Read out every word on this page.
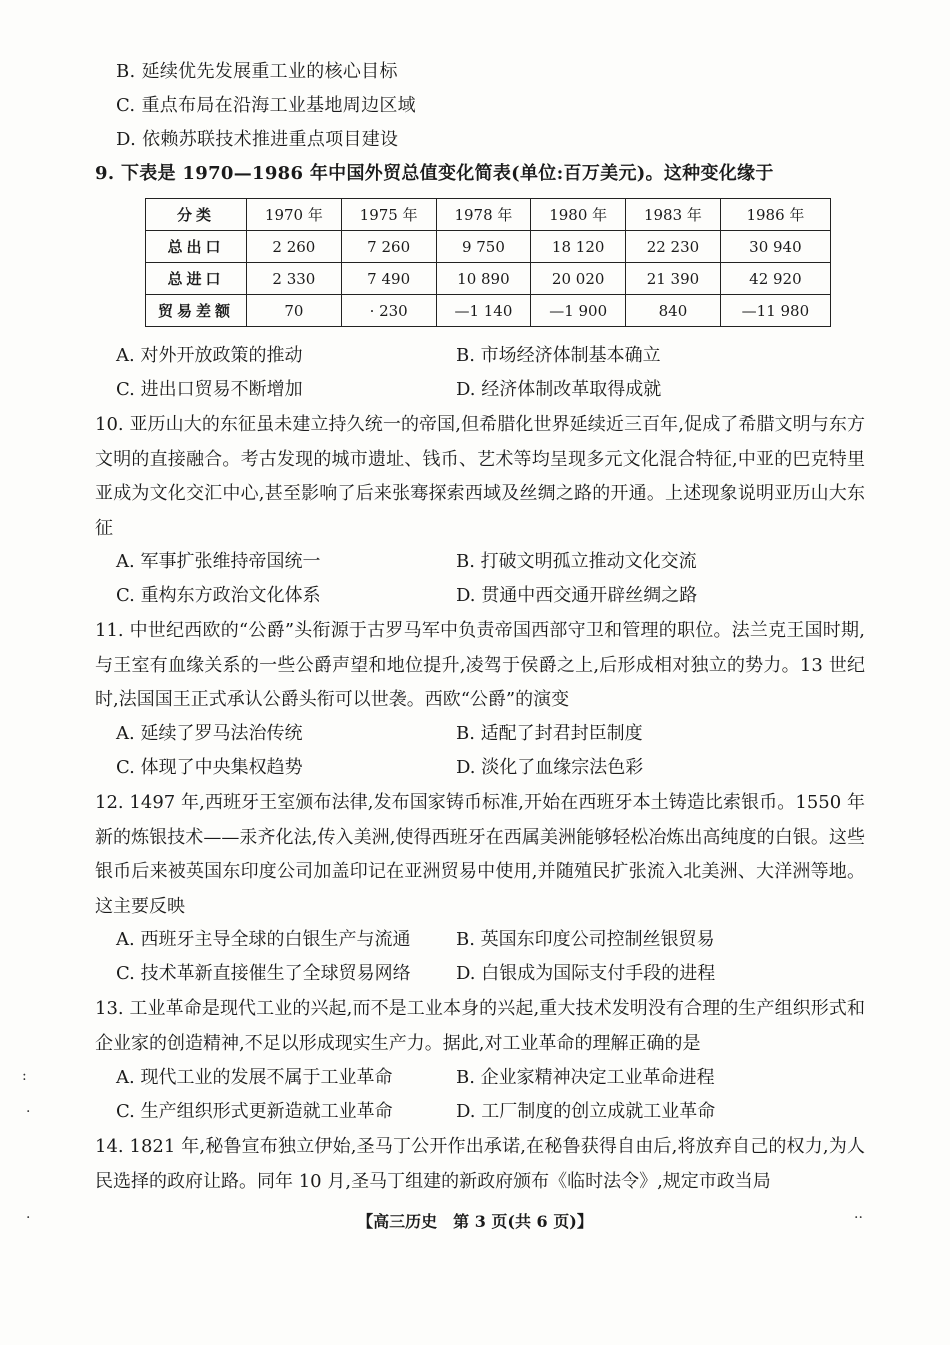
B. 延续优先发展重工业的核心目标
C. 重点布局在沿海工业基地周边区域
D. 依赖苏联技术推进重点项目建设
9. 下表是 1970—1986 年中国外贸总值变化简表(单位:百万美元)。这种变化缘于
分类	1970 年	1975 年	1978 年	1980 年	1983 年	1986 年
总出口	2 260	7 260	9 750	18 120	22 230	30 940
总进口	2 330	7 490	10 890	20 020	21 390	42 920
贸易差额	70	· 230	—1 140	—1 900	840	—11 980
A. 对外开放政策的推动	B. 市场经济体制基本确立
C. 进出口贸易不断增加	D. 经济体制改革取得成就
10. 亚历山大的东征虽未建立持久统一的帝国,但希腊化世界延续近三百年,促成了希腊文明与东方文明的直接融合。考古发现的城市遗址、钱币、艺术等均呈现多元文化混合特征,中亚的巴克特里亚成为文化交汇中心,甚至影响了后来张骞探索西域及丝绸之路的开通。上述现象说明亚历山大东征
A. 军事扩张维持帝国统一	B. 打破文明孤立推动文化交流
C. 重构东方政治文化体系	D. 贯通中西交通开辟丝绸之路
11. 中世纪西欧的“公爵”头衔源于古罗马军中负责帝国西部守卫和管理的职位。法兰克王国时期,与王室有血缘关系的一些公爵声望和地位提升,凌驾于侯爵之上,后形成相对独立的势力。13 世纪时,法国国王正式承认公爵头衔可以世袭。西欧“公爵”的演变
A. 延续了罗马法治传统	B. 适配了封君封臣制度
C. 体现了中央集权趋势	D. 淡化了血缘宗法色彩
12. 1497 年,西班牙王室颁布法律,发布国家铸币标准,开始在西班牙本土铸造比索银币。1550 年新的炼银技术——汞齐化法,传入美洲,使得西班牙在西属美洲能够轻松冶炼出高纯度的白银。这些银币后来被英国东印度公司加盖印记在亚洲贸易中使用,并随殖民扩张流入北美洲、大洋洲等地。这主要反映
A. 西班牙主导全球的白银生产与流通	B. 英国东印度公司控制丝银贸易
C. 技术革新直接催生了全球贸易网络	D. 白银成为国际支付手段的进程
13. 工业革命是现代工业的兴起,而不是工业本身的兴起,重大技术发明没有合理的生产组织形式和企业家的创造精神,不足以形成现实生产力。据此,对工业革命的理解正确的是
A. 现代工业的发展不属于工业革命	B. 企业家精神决定工业革命进程
C. 生产组织形式更新造就工业革命	D. 工厂制度的创立成就工业革命
14. 1821 年,秘鲁宣布独立伊始,圣马丁公开作出承诺,在秘鲁获得自由后,将放弃自己的权力,为人民选择的政府让路。同年 10 月,圣马丁组建的新政府颁布《临时法令》,规定市政当局
【高三历史　第 3 页(共 6 页)】
:
·
·	··
